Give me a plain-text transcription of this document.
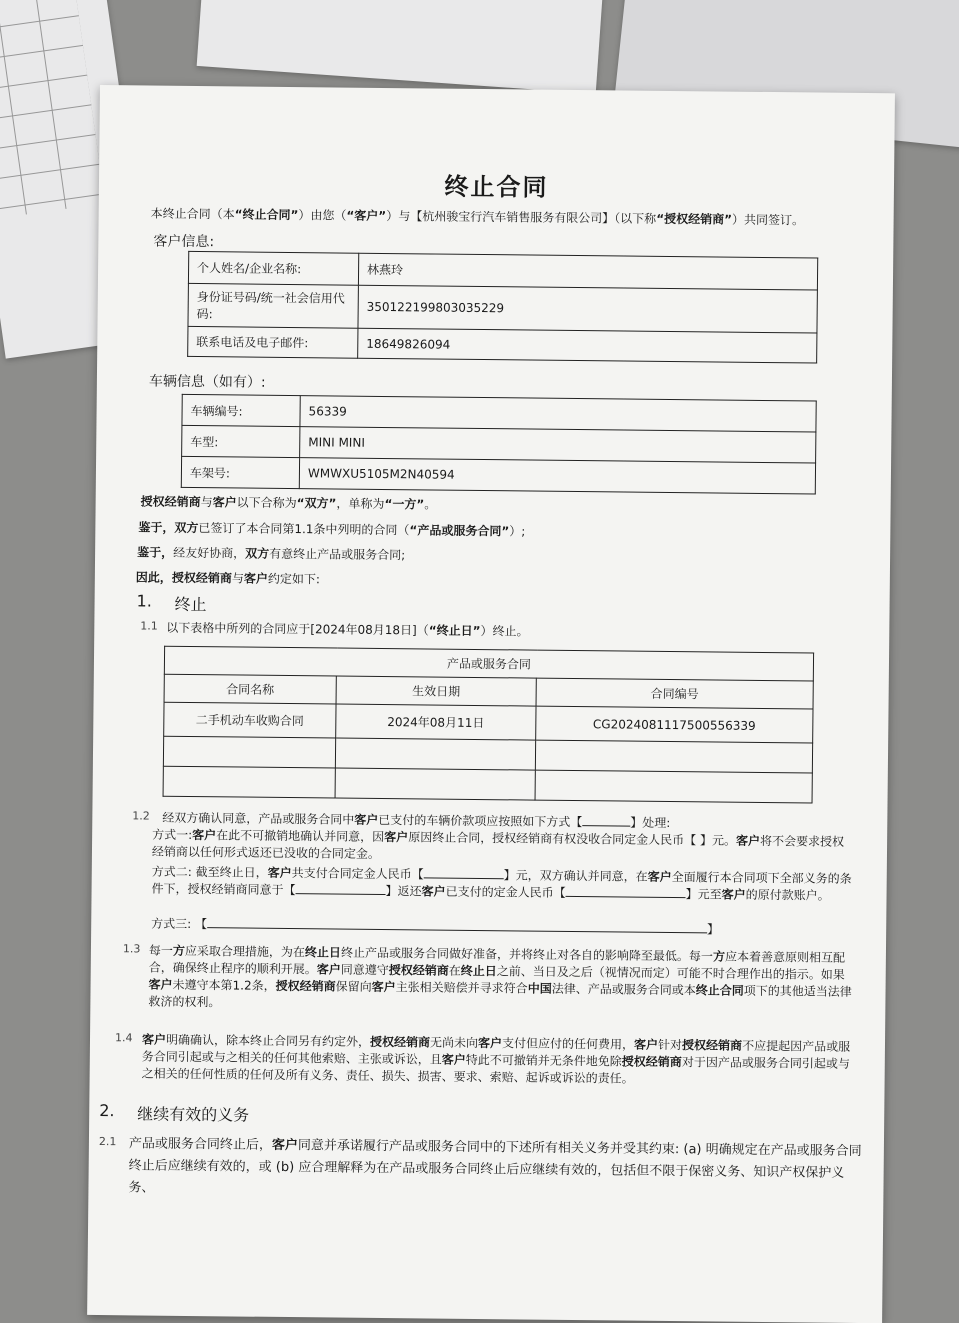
终止合同
本终止合同（本“终止合同”）由您（“客户”）与【杭州骏宝行汽车销售服务有限公司】（以下称“授权经销商”）共同签订。
客户信息:
个人姓名/企业名称:	林燕玲
身份证号码/统一社会信用代码:	350122199803035229
联系电话及电子邮件:	18649826094
车辆信息（如有）:
车辆编号:	56339
车型:	MINI MINI
车架号:	WMWXU5105M2N40594
授权经销商与客户以下合称为“双方”，单称为“一方”。
鉴于，双方已签订了本合同第1.1条中列明的合同（“产品或服务合同”）;
鉴于，经友好协商，双方有意终止产品或服务合同;
因此，授权经销商与客户约定如下:
1. 终止
1.1 以下表格中所列的合同应于[2024年08月18日]（“终止日”）终止。
产品或服务合同		
合同名称	生效日期	合同编号
二手机动车收购合同	2024年08月11日	CG2024081117500556339

1.2 经双方确认同意，产品或服务合同中客户已支付的车辆价款项应按照如下方式【	】处理:
方式一:客户在此不可撤销地确认并同意，因客户原因终止合同，授权经销商有权没收合同定金人民币【 】元。客户将不会要求授权经销商以任何形式返还已没收的合同定金。
方式二: 截至终止日，客户共支付合同定金人民币【	】元，双方确认并同意，在客户全面履行本合同项下全部义务的条件下，授权经销商同意于【	】返还客户已支付的定金人民币【	】元至客户的原付款账户。
方式三: 【	】
1.3 每一方应采取合理措施，为在终止日终止产品或服务合同做好准备，并将终止对各自的影响降至最低。每一方应本着善意原则相互配合，确保终止程序的顺利开展。客户同意遵守授权经销商在终止日之前、当日及之后（视情况而定）可能不时合理作出的指示。如果客户未遵守本第1.2条，授权经销商保留向客户主张相关赔偿并寻求符合中国法律、产品或服务合同或本终止合同项下的其他适当法律救济的权利。
1.4 客户明确确认，除本终止合同另有约定外，授权经销商无尚未向客户支付但应付的任何费用，客户针对授权经销商不应提起因产品或服务合同引起或与之相关的任何其他索赔、主张或诉讼，且客户特此不可撤销并无条件地免除授权经销商对于因产品或服务合同引起或与之相关的任何性质的任何及所有义务、责任、损失、损害、要求、索赔、起诉或诉讼的责任。
2. 继续有效的义务
2.1 产品或服务合同终止后，客户同意并承诺履行产品或服务合同中的下述所有相关义务并受其约束: (a) 明确规定在产品或服务合同终止后应继续有效的，或 (b) 应合理解释为在产品或服务合同终止后应继续有效的，包括但不限于保密义务、知识产权保护义务、
